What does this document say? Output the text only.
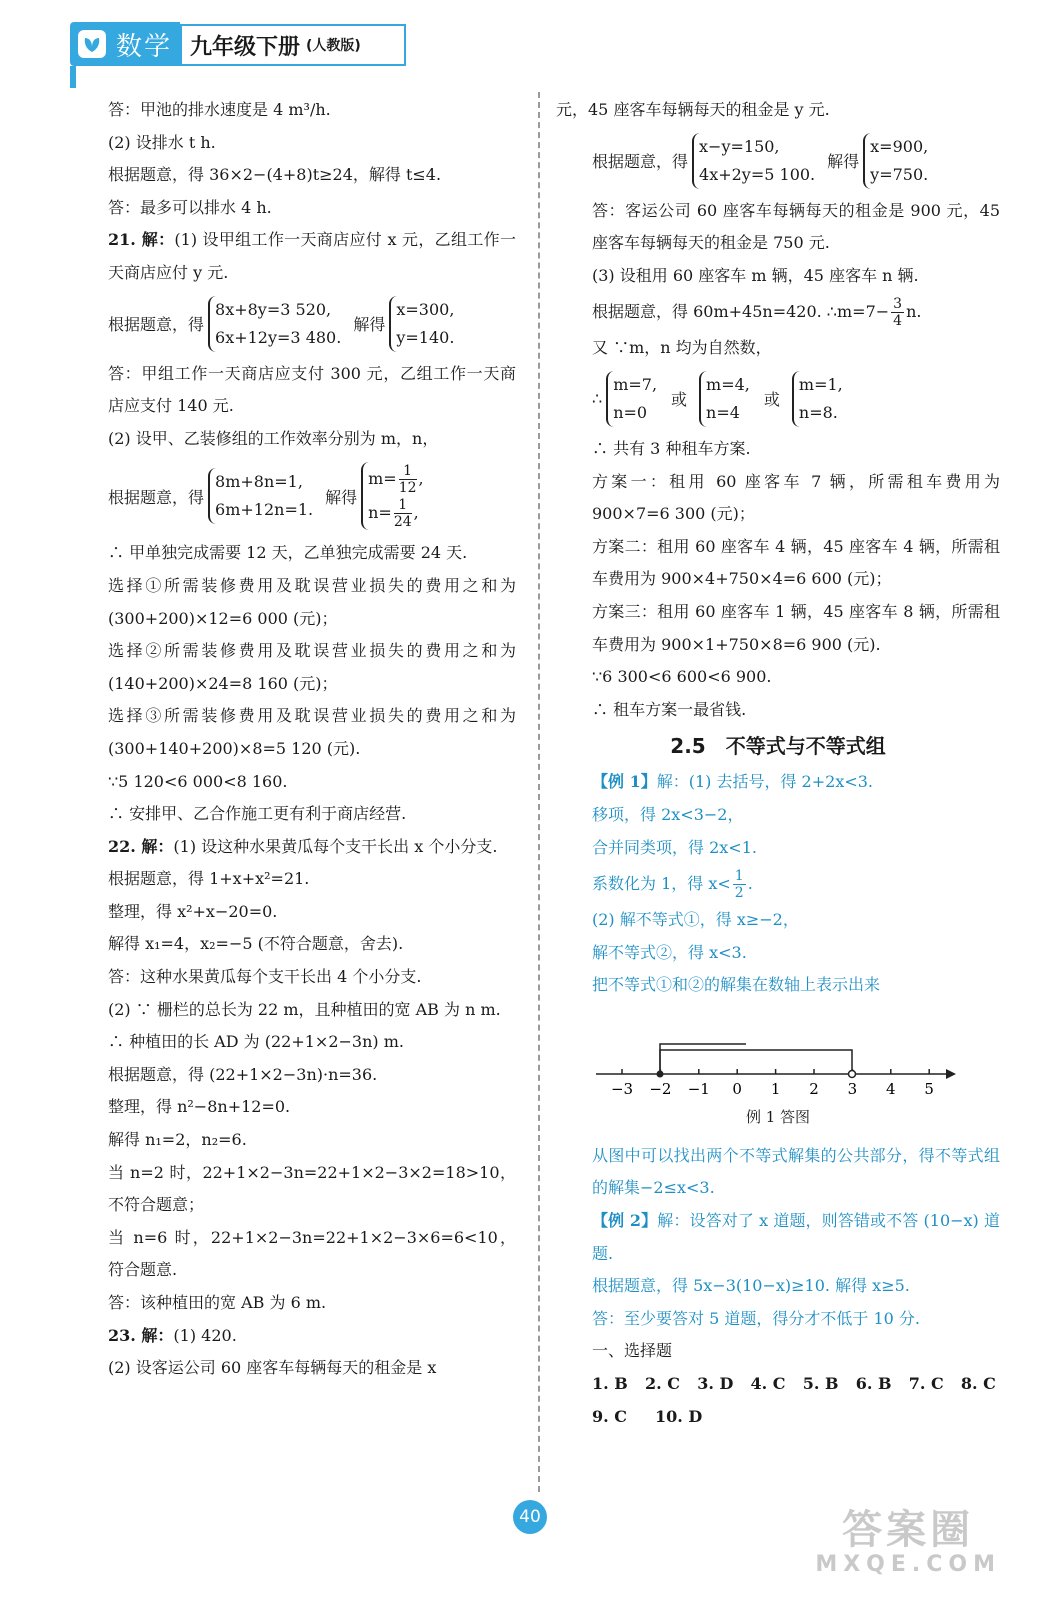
数学 九年级下册 (人教版)

答：甲池的排水速度是 4 m³/h.

(2) 设排水 t h.

根据题意，得 36×2−(4+8)t≥24，解得 t≤4.

答：最多可以排水 4 h.

21. 解：(1) 设甲组工作一天商店应付 x 元，乙组工作一天商店应付 y 元.

根据题意，得
8x+8y=3 520,
6x+12y=3 480.
解得
x=300,
y=140.

答：甲组工作一天商店应支付 300 元，乙组工作一天商店应支付 140 元.

(2) 设甲、乙装修组的工作效率分别为 m，n，

根据题意，得
8m+8n=1,
6m+12n=1.
解得
$m= \frac{1}{12}$ ,
$n= \frac{1}{24}$ ,

∴ 甲单独完成需要 12 天，乙单独完成需要 24 天.

选择①所需装修费用及耽误营业损失的费用之和为 (300+200)×12=6 000 (元)；

选择②所需装修费用及耽误营业损失的费用之和为 (140+200)×24=8 160 (元)；

选择③所需装修费用及耽误营业损失的费用之和为 (300+140+200)×8=5 120 (元).

∵5 120<6 000<8 160.

∴ 安排甲、乙合作施工更有利于商店经营.

22. 解：(1) 设这种水果黄瓜每个支干长出 x 个小分支.

根据题意，得 1+x+x²=21.

整理，得 x²+x−20=0.

解得 x₁=4，x₂=−5 (不符合题意，舍去).

答：这种水果黄瓜每个支干长出 4 个小分支.

(2) ∵ 栅栏的总长为 22 m，且种植田的宽 AB 为 n m.

∴ 种植田的长 AD 为 (22+1×2−3n) m.

根据题意，得 (22+1×2−3n)·n=36.

整理，得 n²−8n+12=0.

解得 n₁=2，n₂=6.

当 n=2 时，22+1×2−3n=22+1×2−3×2=18>10，不符合题意；

当 n=6 时，22+1×2−3n=22+1×2−3×6=6<10，符合题意.

答：该种植田的宽 AB 为 6 m.

23. 解：(1) 420.

(2) 设客运公司 60 座客车每辆每天的租金是 x

元，45 座客车每辆每天的租金是 y 元.

根据题意，得
x−y=150,
4x+2y=5 100.
解得
x=900,
y=750.

答：客运公司 60 座客车每辆每天的租金是 900 元，45 座客车每辆每天的租金是 750 元.

(3) 设租用 60 座客车 m 辆，45 座客车 n 辆.

根据题意，得 60m+45n=420. ∴m=7− $\frac{3}{4} n$.

又 ∵m，n 均为自然数，

∴
m=7,
n=0
或
m=4,
n=4
或
m=1,
n=8.

∴ 共有 3 种租车方案.

方案一：租用 60 座客车 7 辆，所需租车费用为 900×7=6 300 (元)；

方案二：租用 60 座客车 4 辆，45 座客车 4 辆，所需租车费用为 900×4+750×4=6 600 (元)；

方案三：租用 60 座客车 1 辆，45 座客车 8 辆，所需租车费用为 900×1+750×8=6 900 (元).

∵6 300<6 600<6 900.

∴ 租车方案一最省钱.

2.5　不等式与不等式组

【例 1】解：(1) 去括号，得 2+2x<3.

移项，得 2x<3−2，

合并同类项，得 2x<1.

系数化为 1，得 $x< \frac{1}{2}$ .

(2) 解不等式①，得 x≥−2，

解不等式②，得 x<3.

把不等式①和②的解集在数轴上表示出来

−3 −2 −1 0 1 2 3 4 5
例 1 答图

从图中可以找出两个不等式解集的公共部分，得不等式组的解集−2≤x<3.

【例 2】解：设答对了 x 道题，则答错或不答 (10−x) 道题.

根据题意，得 5x−3(10−x)≥10. 解得 x≥5.

答：至少要答对 5 道题，得分才不低于 10 分.

一、选择题

1. B 2. C 3. D 4. C 5. B 6. B 7. C 8. C
9. C 10. D
40	答案圈
MXQE.COM
